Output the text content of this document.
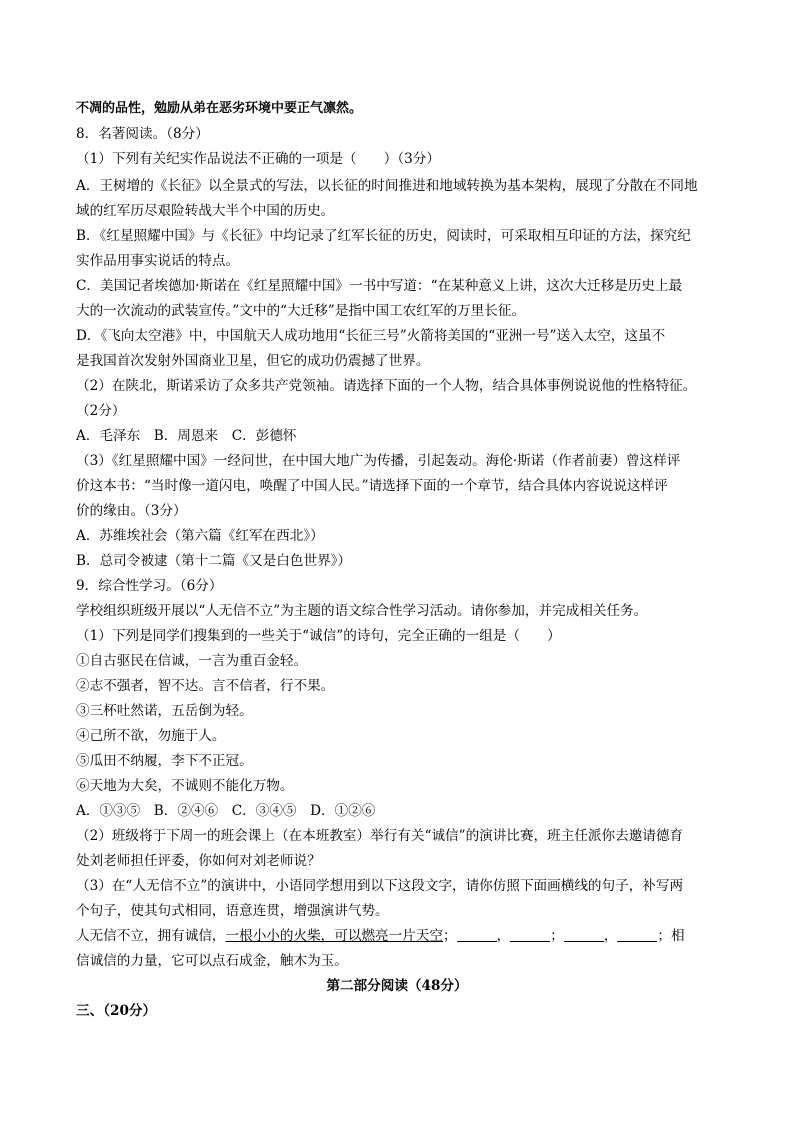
不凋的品性，勉励从弟在恶劣环境中要正气凛然。
8．名著阅读。（8分）
（1）下列有关纪实作品说法不正确的一项是（　　）（3分）
A．王树增的《长征》以全景式的写法，以长征的时间推进和地域转换为基本架构，展现了分散在不同地
域的红军历尽艰险转战大半个中国的历史。
B．《红星照耀中国》与《长征》中均记录了红军长征的历史，阅读时，可采取相互印证的方法，探究纪
实作品用事实说话的特点。
C．美国记者埃德加·斯诺在《红星照耀中国》一书中写道：“在某种意义上讲，这次大迁移是历史上最
大的一次流动的武装宣传。”文中的“大迁移”是指中国工农红军的万里长征。
D．《飞向太空港》中，中国航天人成功地用“长征三号”火箭将美国的“亚洲一号”送入太空，这虽不
是我国首次发射外国商业卫星，但它的成功仍震撼了世界。
（2）在陕北，斯诺采访了众多共产党领袖。请选择下面的一个人物，结合具体事例说说他的性格特征。
（2分）
A．毛泽东　B．周恩来　C．彭德怀
（3）《红星照耀中国》一经问世，在中国大地广为传播，引起轰动。海伦·斯诺（作者前妻）曾这样评
价这本书：“当时像一道闪电，唤醒了中国人民。”请选择下面的一个章节，结合具体内容说说这样评
价的缘由。（3分）
A．苏维埃社会（第六篇《红军在西北》）
B．总司令被逮（第十二篇《又是白色世界》）
9．综合性学习。（6分）
学校组织班级开展以“人无信不立”为主题的语文综合性学习活动。请你参加，并完成相关任务。
（1）下列是同学们搜集到的一些关于“诚信”的诗句，完全正确的一组是（　　）
①自古驱民在信诚，一言为重百金轻。
②志不强者，智不达。言不信者，行不果。
③三杯吐然诺，五岳倒为轻。
④己所不欲，勿施于人。
⑤瓜田不纳履，李下不正冠。
⑥天地为大矣，不诚则不能化万物。
A．①③⑤　B．②④⑥　C．③④⑤　D．①②⑥
（2）班级将于下周一的班会课上（在本班教室）举行有关“诚信”的演讲比赛，班主任派你去邀请德育
处刘老师担任评委，你如何对刘老师说？
（3）在“人无信不立”的演讲中，小语同学想用到以下这段文字，请你仿照下面画横线的句子，补写两
个句子，使其句式相同，语意连贯，增强演讲气势。
人无信不立，拥有诚信，一根小小的火柴，可以燃亮一片天空；	，	；	，	；相
信诚信的力量，它可以点石成金，触木为玉。
第二部分阅读（48分）
三、（20分）
